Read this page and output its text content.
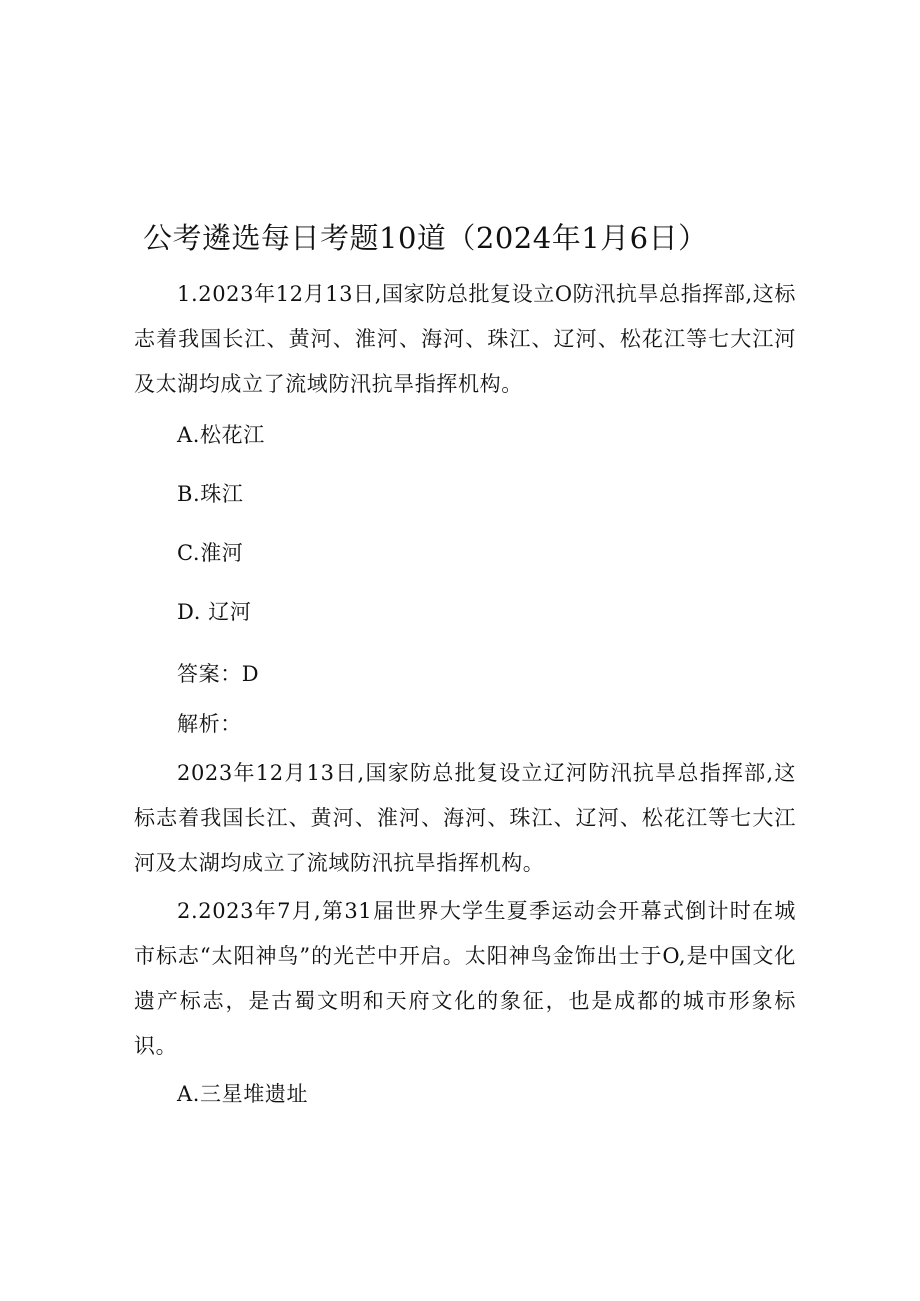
公考遴选每日考题10道（2024年1月6日）

1.2023年12月13日,国家防总批复设立O防汛抗旱总指挥部,这标志着我国长江、黄河、淮河、海河、珠江、辽河、松花江等七大江河及太湖均成立了流域防汛抗旱指挥机构。

A.松花江
B.珠江
C.淮河
D. 辽河
答案：D
解析：

2023年12月13日,国家防总批复设立辽河防汛抗旱总指挥部,这标志着我国长江、黄河、淮河、海河、珠江、辽河、松花江等七大江河及太湖均成立了流域防汛抗旱指挥机构。

2.2023年7月,第31届世界大学生夏季运动会开幕式倒计时在城市标志“太阳神鸟”的光芒中开启。太阳神鸟金饰出士于O,是中国文化遗产标志，是古蜀文明和天府文化的象征，也是成都的城市形象标识。

A.三星堆遗址
